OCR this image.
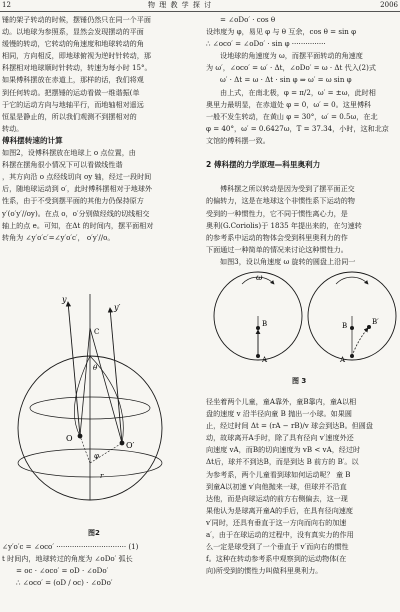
12	物 理 教 学 探 讨	2006
锤的架子转动的时候，摆锤仍然只在同一个平面
动。以地球为参照系，显然会发现摆动的平面
缓慢的转动，它转动的角速度和地球转动的角
相同，方向相反，即地球俯视为逆时针转动，那
科摆相对地球顺时针转动，转速为每小时 15°。
如果傅科摆放在赤道上，那样的话，我们将观
到任何转动。把摆锤的运动看做一维谐振(单
于它的运动方向与地轴平行，而地轴相对遥远
恒星是静止的，所以我们观测不到摆相对的
转动。
傅科摆转速的计算
如图2，设傅科摆放在地球上 o 点位置，由
科摆在摆角很小情况下可以看做线性谐
，其方向沿 o 点经线切向 oy 轴，经过一段时间
后，随地球运动到 o′，此时傅科摆相对于地球外
性系，由于不受到摆平面的其他力仍保持原方
y′(o′y′//oy)。在点 o，o′分别做经线的切线相交
轴上的点 e。可知，在Δt 的时间内，摆平面相对
转角为 ∠y′o′c′=∠y′o′c′， o′y′//o。
y
y′
O
O′
φ
θ
C
r
图2
∠y′o′c = ∠oco′ ······························· (1)
t 时间内，地球转过的角度为 ∠oDo′ 弧长
= oc · ∠oco′ = oD · ∠oDo′
∴ ∠oco′ = (oD / oc) · ∠oDo′
= ∠oDo′ · cos θ
设纬度为 φ，易见 φ 与 θ 互余，cos θ = sin φ
∴ ∠oco′ = ∠oDo′ · sin φ ···············
设地球的角速度为 ω，而摆平面转动的角速度
为 ω′，∠oco′ = ω′ · Δt，∠oDo′ = ω · Δt 代入(2)式
ω′ · Δt = ω · Δt · sin φ ⇒ ω′ = ω sin φ
由上式，在南北极，φ = π/2，ω′ = ±ω，此时相
奥里力最明显，在赤道处 φ = 0，ω′ = 0。这里傅科
一般不发生转动，在黄山 φ = 30°，ω′ = 0.5ω，在北
φ = 40°，ω′ = 0.6427ω，T = 37.34，小时，这和北京
文馆的傅科摆一致。
2 傅科摆的力学原理—科里奥利力
傅科摆之所以转动是因为受到了摆平面正交
的偏转力，这是在地球这个非惯性系下运动的物
受到的一种惯性力，它不同于惯性离心力，是
奥利(G.Coriolis)于 1835 年提出来的，在匀速转
的参考系中运动的物体会受到科里奥利力的作
下面通过一种简单的情况来讨论这种惯性力。
如图3，设以角速度 ω 旋转的圆盘上沿同一
ω
A
B
A
B	B′
图 3
径坐着两个儿童，童A靠外，童B靠内，童A以相
盘的速度 v 沿半径向童 B 抛出一小球。如果圆
止，经过时间 Δt = (rA − rB)/v 球会到达B。但圆盘
动，故球离开A手时，除了具有径向 v′速度外还
向速度 vA，而B的切向速度为 vB < vA，经过时
Δt后，球并不到达B，而是到达 B 前方的 B′。以
为参考系，两个儿童看到球如何运动呢？ 童 B
到童A以初速 v′向他抛来一球，但球并不沿直
达他，而是向球运动的前方右侧偏去，这一现
果他认为是球离开童A的手后，在具有径向速度
v′同时，还具有垂直于这一方向而向右的加速
a′，由于在球运动的过程中，没有真实力的作用
么一定是球受到了一个垂直于 v′而向右的惯性
f。这种在转动参考系中观察到的运动物体(在
向)所受到的惯性力叫做科里奥利力。
